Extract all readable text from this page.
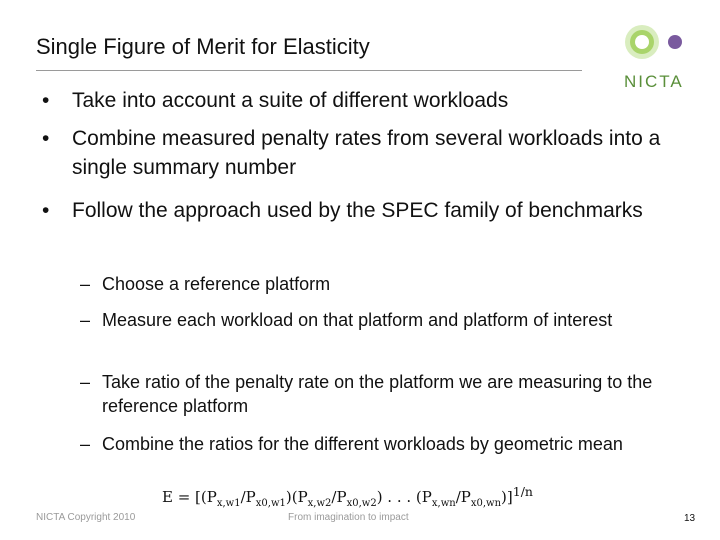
Single Figure of Merit for Elasticity
NICTA
•	Take into account a suite of different workloads
•	Combine measured penalty rates from several workloads into a single summary number
•	Follow the approach used by the SPEC family of benchmarks
– Choose a reference platform
– Measure each workload on that platform and platform of interest
– Take ratio of the penalty rate on the platform we are measuring to the reference platform
– Combine the ratios for the different workloads by geometric mean
$E = [(P_{x,w1}/P_{x0,w1})(P_{x,w2}/P_{x0,w2})$ . . . $(P_{x,wn}/P_{x0,wn})]^{1/n}$
NICTA Copyright 2010	From imagination to impact	13
